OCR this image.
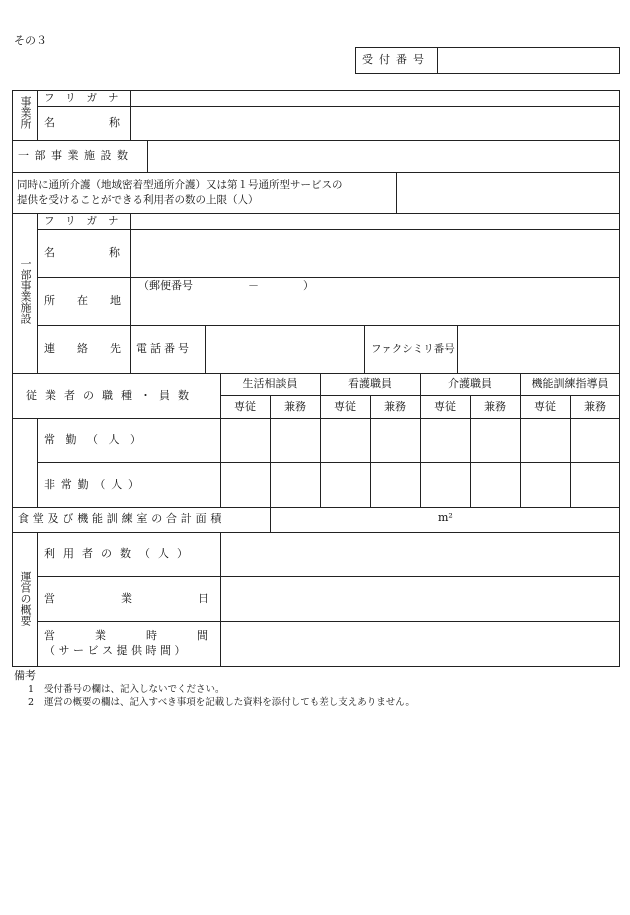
その３
受付番号
事業所 フリガナ
名称
一部事業施設数
同時に通所介護（地域密着型通所介護）又は第１号通所型サービスの
提供を受けることができる利用者の数の上限（人）
一部事業施設
フリガナ
名称
所在地
（郵便番号　　　　　－　　　　）
連絡先
電話番号	ファクシミリ番号
従業者の職種・員数
生活相談員	看護職員	介護職員	機能訓練指導員
専従	兼務	専従	兼務	専従	兼務	専従	兼務
常勤（人）
非常勤（人）
食堂及び機能訓練室の合計面積	m²
運営の概要
利用者の数（人）
営業日
営業時間
（サービス提供時間）
備考
1 受付番号の欄は、記入しないでください。
2 運営の概要の欄は、記入すべき事項を記載した資料を添付しても差し支えありません。
